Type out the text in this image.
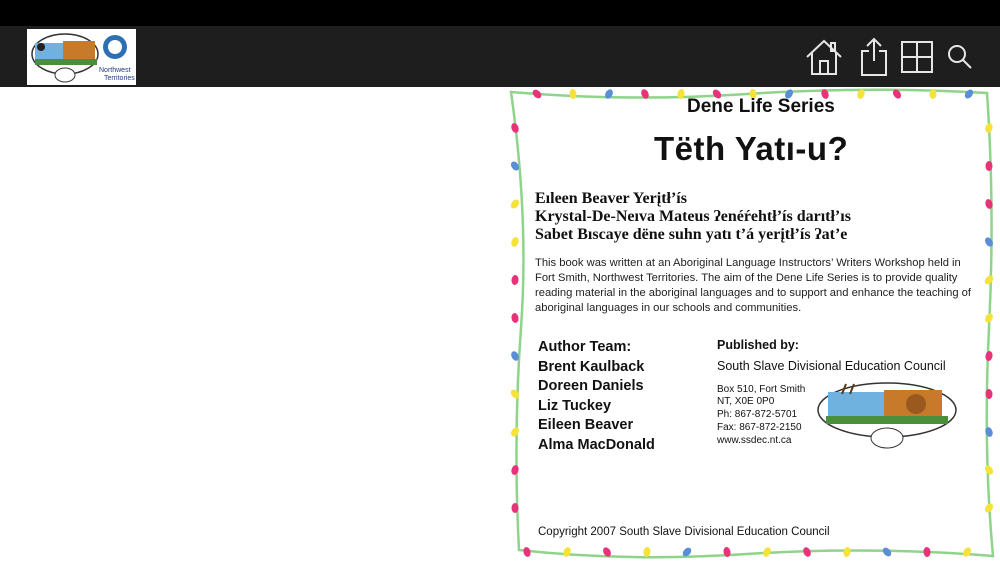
Northwest
Territories
Dene Life Series
Tëth Yatı-u?
Eıleen Beaver Yerįtł’ís
Krystal-De-Neıva Mateus ʔenéŕehtł’ís darıtł’ıs
Sabet Bıscaye dëne suhn yatı t’á yerįtł’ís ʔat’e
This book was written at an Aboriginal Language Instructors’ Writers Workshop held in Fort Smith, Northwest Territories. The aim of the Dene Life Series is to provide quality reading material in the aboriginal languages and to support and enhance the teaching of aboriginal languages in our schools and communities.
Author Team:
Brent Kaulback
Doreen Daniels
Liz Tuckey
Eileen Beaver
Alma MacDonald
Published by:
South Slave Divisional Education Council
Box 510, Fort Smith
NT, X0E 0P0
Ph: 867-872-5701
Fax: 867-872-2150
www.ssdec.nt.ca
Copyright 2007 South Slave Divisional Education Council
